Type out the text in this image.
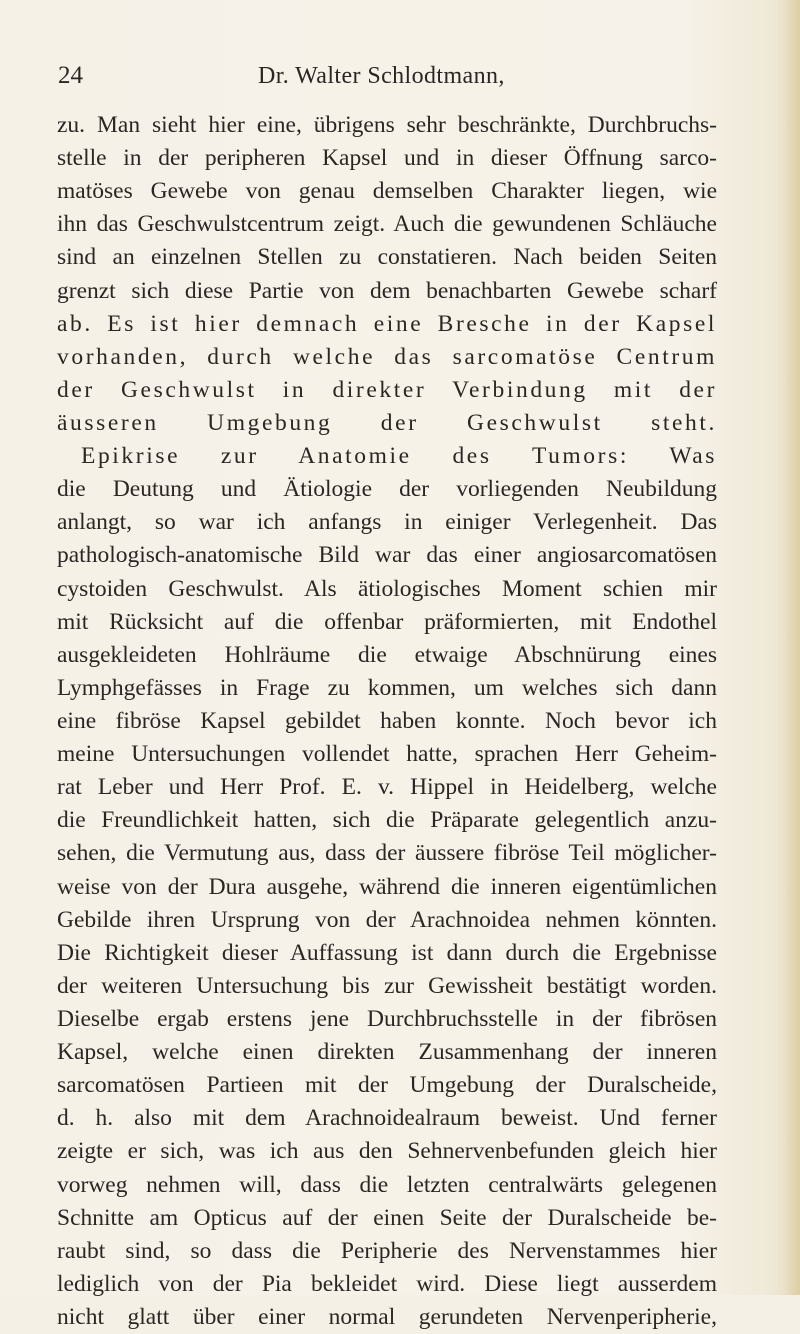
24	Dr. Walter Schlodtmann,
zu. Man sieht hier eine, übrigens sehr beschränkte, Durchbruchs-
stelle in der peripheren Kapsel und in dieser Öffnung sarco-
matöses Gewebe von genau demselben Charakter liegen, wie
ihn das Geschwulstcentrum zeigt. Auch die gewundenen Schläuche
sind an einzelnen Stellen zu constatieren. Nach beiden Seiten
grenzt sich diese Partie von dem benachbarten Gewebe scharf
ab. Es ist hier demnach eine Bresche in der Kapsel
vorhanden, durch welche das sarcomatöse Centrum
der Geschwulst in direkter Verbindung mit der
äusseren Umgebung der Geschwulst steht.
Epikrise zur Anatomie des Tumors: Was
die Deutung und Ätiologie der vorliegenden Neubildung
anlangt, so war ich anfangs in einiger Verlegenheit. Das
pathologisch-anatomische Bild war das einer angiosarcomatösen
cystoiden Geschwulst. Als ätiologisches Moment schien mir
mit Rücksicht auf die offenbar präformierten, mit Endothel
ausgekleideten Hohlräume die etwaige Abschnürung eines
Lymphgefässes in Frage zu kommen, um welches sich dann
eine fibröse Kapsel gebildet haben konnte. Noch bevor ich
meine Untersuchungen vollendet hatte, sprachen Herr Geheim-
rat Leber und Herr Prof. E. v. Hippel in Heidelberg, welche
die Freundlichkeit hatten, sich die Präparate gelegentlich anzu-
sehen, die Vermutung aus, dass der äussere fibröse Teil möglicher-
weise von der Dura ausgehe, während die inneren eigentümlichen
Gebilde ihren Ursprung von der Arachnoidea nehmen könnten.
Die Richtigkeit dieser Auffassung ist dann durch die Ergebnisse
der weiteren Untersuchung bis zur Gewissheit bestätigt worden.
Dieselbe ergab erstens jene Durchbruchsstelle in der fibrösen
Kapsel, welche einen direkten Zusammenhang der inneren
sarcomatösen Partieen mit der Umgebung der Duralscheide,
d. h. also mit dem Arachnoidealraum beweist. Und ferner
zeigte er sich, was ich aus den Sehnervenbefunden gleich hier
vorweg nehmen will, dass die letzten centralwärts gelegenen
Schnitte am Opticus auf der einen Seite der Duralscheide be-
raubt sind, so dass die Peripherie des Nervenstammes hier
lediglich von der Pia bekleidet wird. Diese liegt ausserdem
nicht glatt über einer normal gerundeten Nervenperipherie,
